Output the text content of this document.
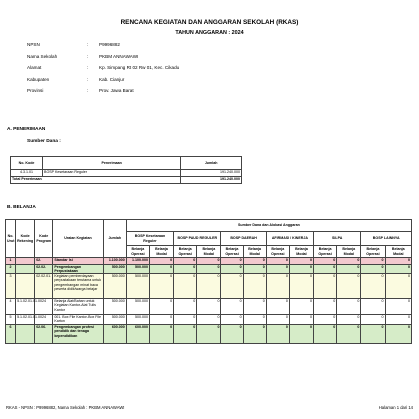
RENCANA KEGIATAN DAN ANGGARAN SEKOLAH (RKAS)
TAHUN ANGGARAN : 2024
NPSN	: P9996882
Nama Sekolah	: PKBM ANNAWAWI
Alamat	: Kp. Simpang Rt 02 Rw 01, Kec. Cikadu
Kabupaten	: Kab. Cianjur
Provinsi	: Prov. Jawa Barat
A. PENERIMAAN
Sumber Dana :
No. Kode	Penerimaan	Jumlah
4.3.1.01	BOSP Kesetaraan Reguler	191.240.000
Total Penerimaan		191.240.000
B. BELANJA
No. Urut	Kode Rekening	Kode Program	Uraian Kegiatan	Jumlah	Sumber Dana dan Alokasi Anggaran											
					BOSP Kesetaraan Reguler		BOSP PAUD REGULER		BOSP DAERAH		AFIRMASI / KINERJA		SILPA		BOSP LAINNYA	
					Belanja Operasi	Belanja Modal	Belanja Operasi	Belanja Modal	Belanja Operasi	Belanja Modal	Belanja Operasi	Belanja Modal	Belanja Operasi	Belanja Modal	Belanja Operasi	Belanja Modal
1		02.	Standar Isi	1.100.000	1.100.000	0	0	0	0	0	0	0	0	0	0	0
2		02.02.	Pengembangan Perpustakaan	500.000	500.000	0	0	0	0	0	0	0	0	0	0	0
3		02.02.01.	Kegiatan pemberdayaan perpustakaan terutama untuk pengembangan minat baca peserta didik/warga belajar	500.000	500.000	0	0	0	0	0	0	0	0	0	0	0
4	5.1.02.01.01.0024		Belanja Alat/Bahan untuk Kegiatan Kantor-Alat Tulis Kantor	500.000	500.000	0	0	0	0	0	0	0	0	0	0	0
5	5.1.02.01.01.0024		001. Box File Kantor-Box File Karton	500.000	500.000	0	0	0	0	0	0	0	0	0	0	0
6		02.06.	Pengembangan profesi pendidik dan tenaga kependidikan	600.000	600.000	0	0	0	0	0	0	0	0	0	0	0
RKAS - NPSN : P9996882, Nama Sekolah : PKBM ANNAWAWI	Halaman 1 dari 14
